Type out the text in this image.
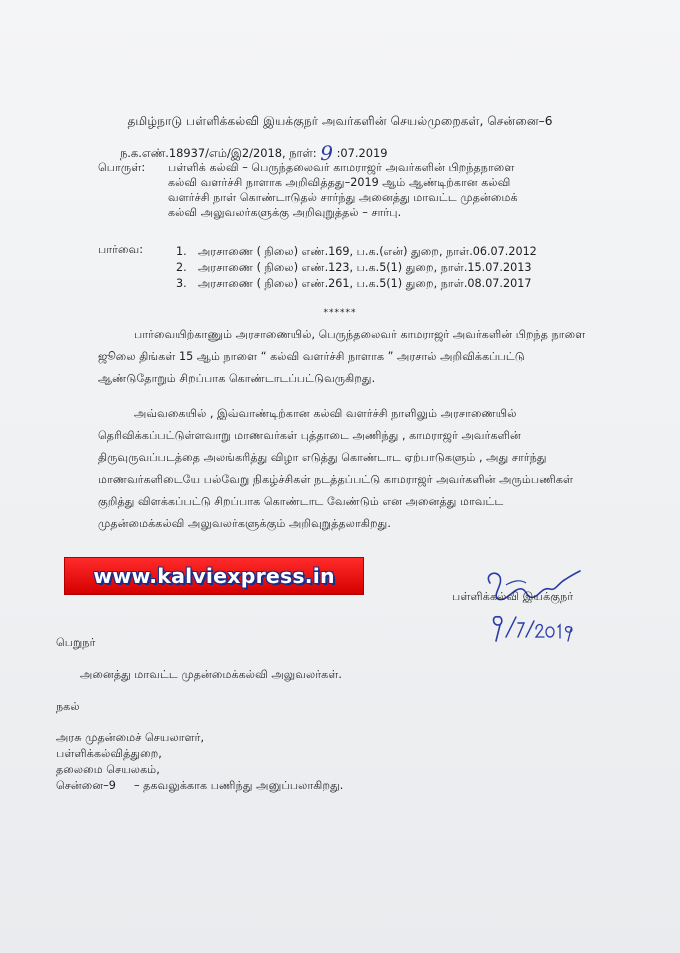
தமிழ்நாடு பள்ளிக்கல்வி இயக்குநர் அவர்களின் செயல்முறைகள், சென்னை–6
ந.க.எண்.18937/எம்/இ2/2018, நாள்: 9 :07.2019
பொருள்: பள்ளிக் கல்வி – பெருந்தலைவர் காமராஜர் அவர்களின் பிறந்தநாளை
கல்வி வளர்ச்சி நாளாக அறிவித்தது–2019 ஆம் ஆண்டிற்கான கல்வி
வளர்ச்சி நாள் கொண்டாடுதல் சார்ந்து அனைத்து மாவட்ட முதன்மைக்
கல்வி அலுவலர்களுக்கு அறிவுறுத்தல் – சார்பு.
பார்வை:	1. அரசாணை ( நிலை) எண்.169, ப.க.(என்) துறை, நாள்.06.07.2012
2. அரசாணை ( நிலை) எண்.123, ப.க.5(1) துறை, நாள்.15.07.2013
3. அரசாணை ( நிலை) எண்.261, ப.க.5(1) துறை, நாள்.08.07.2017
******
பார்வையிற்காணும் அரசாணையில், பெருந்தலைவர் காமராஜர் அவர்களின் பிறந்த நாளை
ஜூலை திங்கள் 15 ஆம் நாளை “ கல்வி வளர்ச்சி நாளாக ” அரசால் அறிவிக்கப்பட்டு
ஆண்டுதோறும் சிறப்பாக கொண்டாடப்பட்டுவருகிறது.
அவ்வகையில் , இவ்வாண்டிற்கான கல்வி வளர்ச்சி நாளிலும் அரசாணையில்
தெரிவிக்கப்பட்டுள்ளவாறு மாணவர்கள் புத்தாடை அணிந்து , காமராஜர் அவர்களின்
திருவுருவப்படத்தை அலங்கரித்து விழா எடுத்து கொண்டாட ஏற்பாடுகளும் , அது சார்ந்து
மாணவர்களிடையே பல்வேறு நிகழ்ச்சிகள் நடத்தப்பட்டு காமராஜர் அவர்களின் அரும்பணிகள்
குறித்து விளக்கப்பட்டு சிறப்பாக கொண்டாட வேண்டும் என அனைத்து மாவட்ட
முதன்மைக்கல்வி அலுவலர்களுக்கும் அறிவுறுத்தலாகிறது.
www.kalviexpress.in
பள்ளிக்கல்வி இயக்குநர்
பெறுநர்
அனைத்து மாவட்ட முதன்மைக்கல்வி அலுவலர்கள்.
நகல்
அரசு முதன்மைச் செயலாளர்,
பள்ளிக்கல்வித்துறை,
தலைமை செயலகம்,
சென்னை–9 – தகவலுக்காக பணிந்து அனுப்பலாகிறது.
